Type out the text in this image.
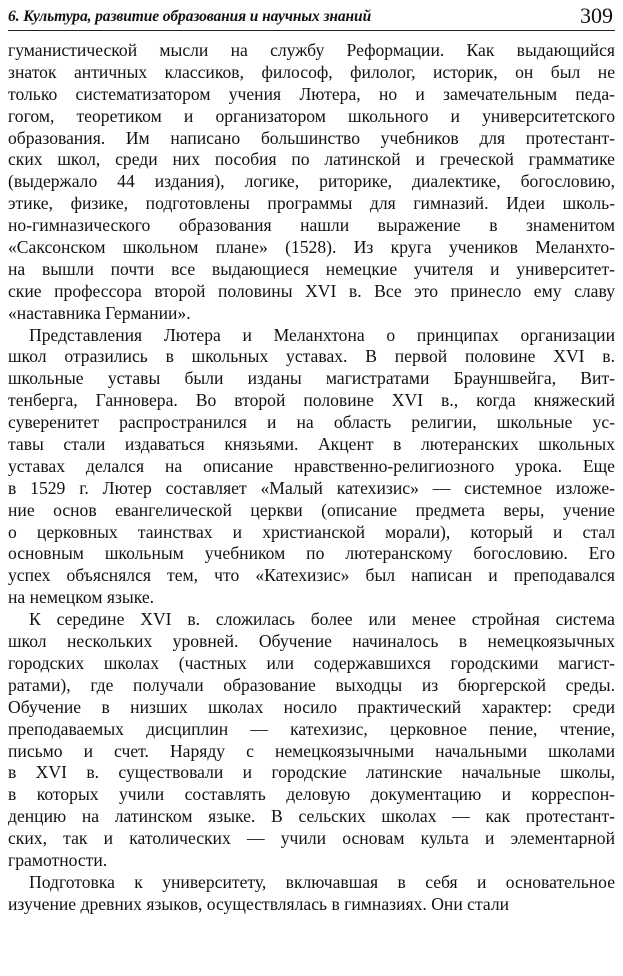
6. Культура, развитие образования и научных знаний	309
гуманистической мысли на службу Реформации. Как выдающийся
знаток античных классиков, философ, филолог, историк, он был не
только систематизатором учения Лютера, но и замечательным педа-
гогом, теоретиком и организатором школьного и университетского
образования. Им написано большинство учебников для протестант-
ских школ, среди них пособия по латинской и греческой грамматике
(выдержало 44 издания), логике, риторике, диалектике, богословию,
этике, физике, подготовлены программы для гимназий. Идеи школь-
но-гимназического образования нашли выражение в знаменитом
«Саксонском школьном плане» (1528). Из круга учеников Меланхто-
на вышли почти все выдающиеся немецкие учителя и университет-
ские профессора второй половины XVI в. Все это принесло ему славу
«наставника Германии».
Представления Лютера и Меланхтона о принципах организации
школ отразились в школьных уставах. В первой половине XVI в.
школьные уставы были изданы магистратами Брауншвейга, Вит-
тенберга, Ганновера. Во второй половине XVI в., когда княжеский
суверенитет распространился и на область религии, школьные ус-
тавы стали издаваться князьями. Акцент в лютеранских школьных
уставах делался на описание нравственно-религиозного урока. Еще
в 1529 г. Лютер составляет «Малый катехизис» — системное изложе-
ние основ евангелической церкви (описание предмета веры, учение
о церковных таинствах и христианской морали), который и стал
основным школьным учебником по лютеранскому богословию. Его
успех объяснялся тем, что «Катехизис» был написан и преподавался
на немецком языке.
К середине XVI в. сложилась более или менее стройная система
школ нескольких уровней. Обучение начиналось в немецкоязычных
городских школах (частных или содержавшихся городскими магист-
ратами), где получали образование выходцы из бюргерской среды.
Обучение в низших школах носило практический характер: среди
преподаваемых дисциплин — катехизис, церковное пение, чтение,
письмо и счет. Наряду с немецкоязычными начальными школами
в XVI в. существовали и городские латинские начальные школы,
в которых учили составлять деловую документацию и корреспон-
денцию на латинском языке. В сельских школах — как протестант-
ских, так и католических — учили основам культа и элементарной
грамотности.
Подготовка к университету, включавшая в себя и основательное
изучение древних языков, осуществлялась в гимназиях. Они стали
